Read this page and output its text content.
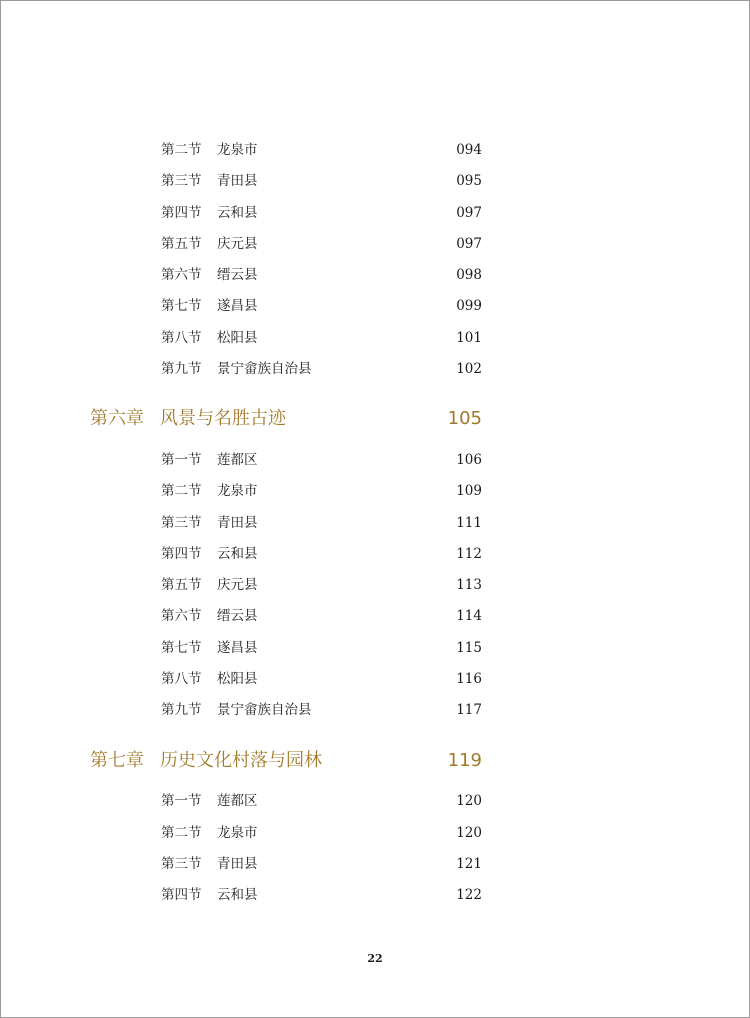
第二节 龙泉市	094
第三节 青田县	095
第四节 云和县	097
第五节 庆元县	097
第六节 缙云县	098
第七节 遂昌县	099
第八节 松阳县	101
第九节 景宁畲族自治县	102
第六章 风景与名胜古迹	105
第一节 莲都区	106
第二节 龙泉市	109
第三节 青田县	111
第四节 云和县	112
第五节 庆元县	113
第六节 缙云县	114
第七节 遂昌县	115
第八节 松阳县	116
第九节 景宁畲族自治县	117
第七章 历史文化村落与园林	119
第一节 莲都区	120
第二节 龙泉市	120
第三节 青田县	121
第四节 云和县	122
22
